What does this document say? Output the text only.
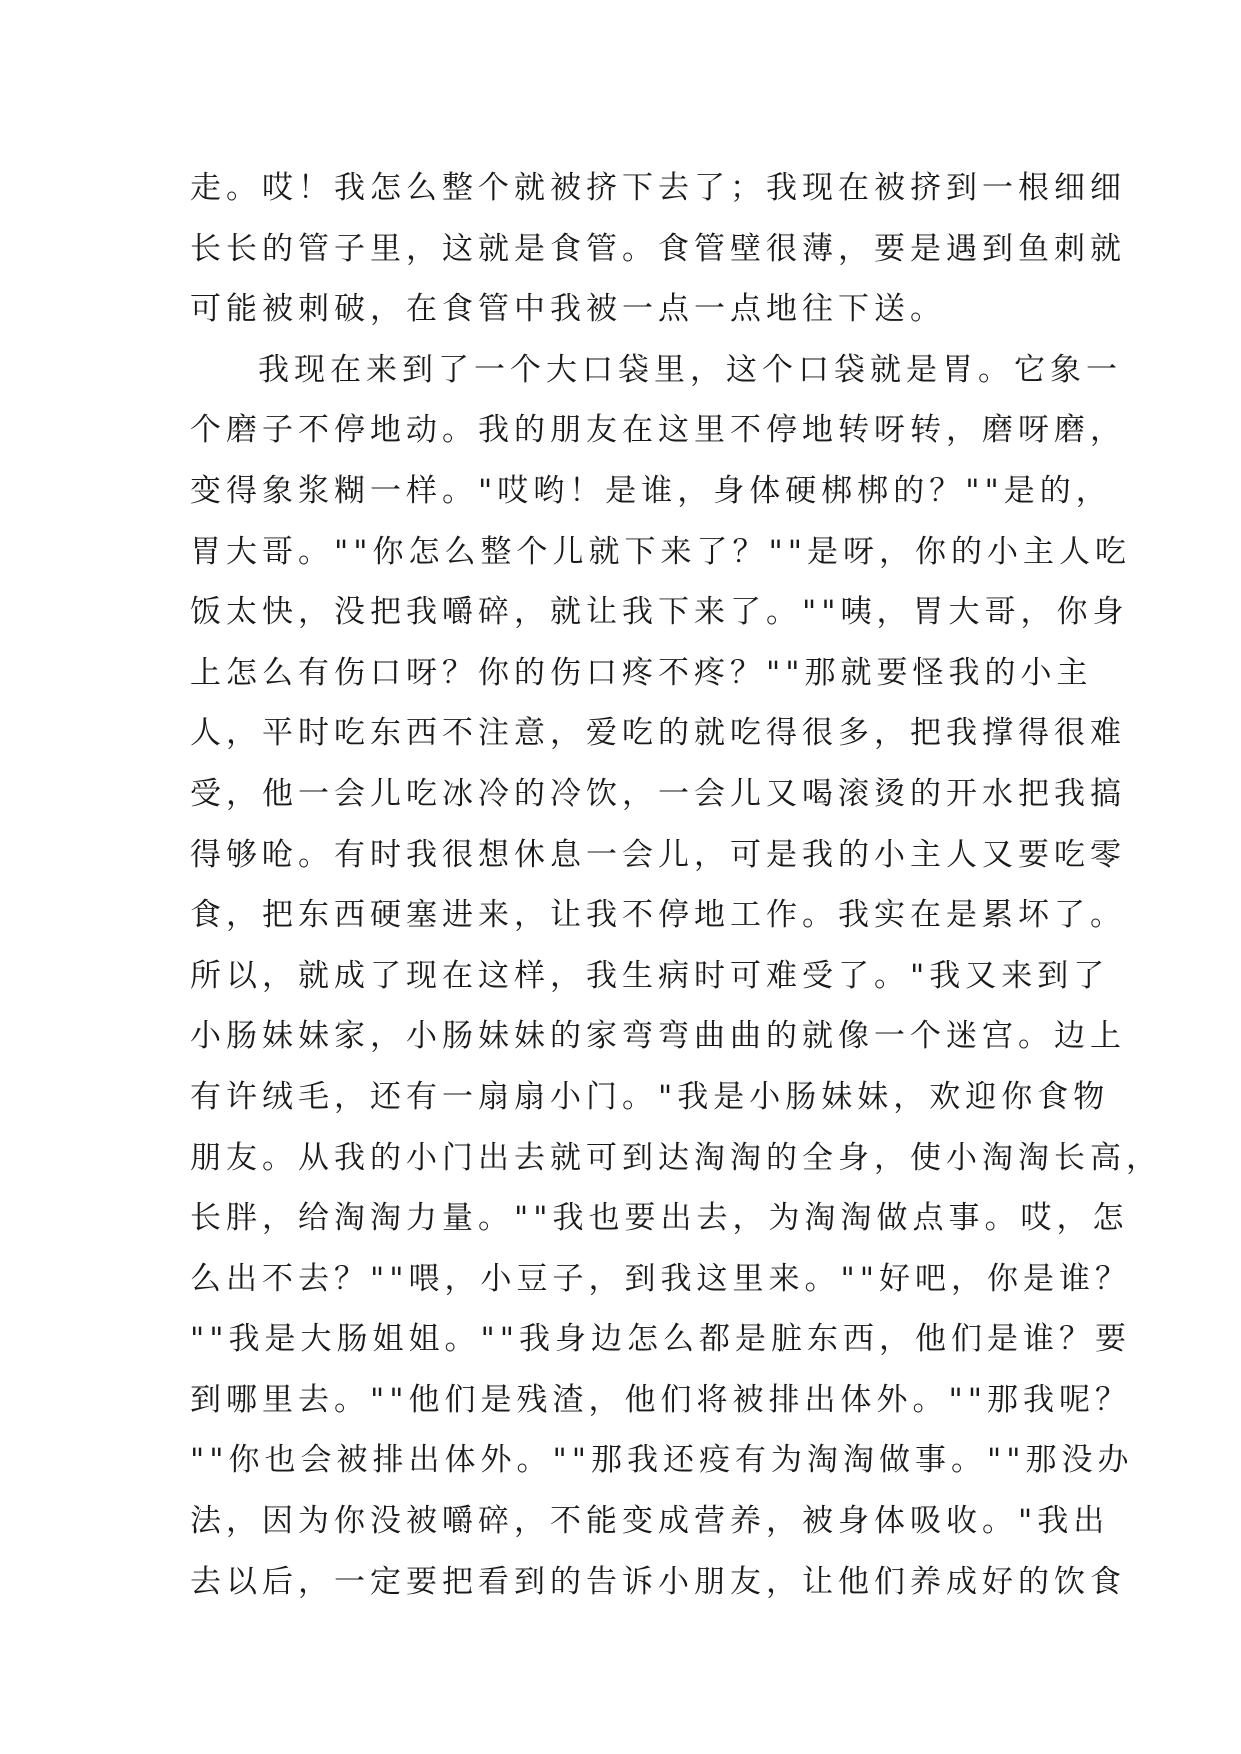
走。哎！我怎么整个就被挤下去了；我现在被挤到一根细细
长长的管子里，这就是食管。食管壁很薄，要是遇到鱼刺就
可能被刺破，在食管中我被一点一点地往下送。
我现在来到了一个大口袋里，这个口袋就是胃。它象一
个磨子不停地动。我的朋友在这里不停地转呀转，磨呀磨，
变得象浆糊一样。"哎哟！是谁，身体硬梆梆的？""是的，
胃大哥。""你怎么整个儿就下来了？""是呀，你的小主人吃
饭太快，没把我嚼碎，就让我下来了。""咦，胃大哥，你身
上怎么有伤口呀？你的伤口疼不疼？""那就要怪我的小主
人，平时吃东西不注意，爱吃的就吃得很多，把我撑得很难
受，他一会儿吃冰冷的冷饮，一会儿又喝滚烫的开水把我搞
得够呛。有时我很想休息一会儿，可是我的小主人又要吃零
食，把东西硬塞进来，让我不停地工作。我实在是累坏了。
所以，就成了现在这样，我生病时可难受了。"我又来到了
小肠妹妹家，小肠妹妹的家弯弯曲曲的就像一个迷宫。边上
有许绒毛，还有一扇扇小门。"我是小肠妹妹，欢迎你食物
朋友。从我的小门出去就可到达淘淘的全身，使小淘淘长高，
长胖，给淘淘力量。""我也要出去，为淘淘做点事。哎，怎
么出不去？""喂，小豆子，到我这里来。""好吧，你是谁？
""我是大肠姐姐。""我身边怎么都是脏东西，他们是谁？要
到哪里去。""他们是残渣，他们将被排出体外。""那我呢？
""你也会被排出体外。""那我还疫有为淘淘做事。""那没办
法，因为你没被嚼碎，不能变成营养，被身体吸收。"我出
去以后，一定要把看到的告诉小朋友，让他们养成好的饮食
